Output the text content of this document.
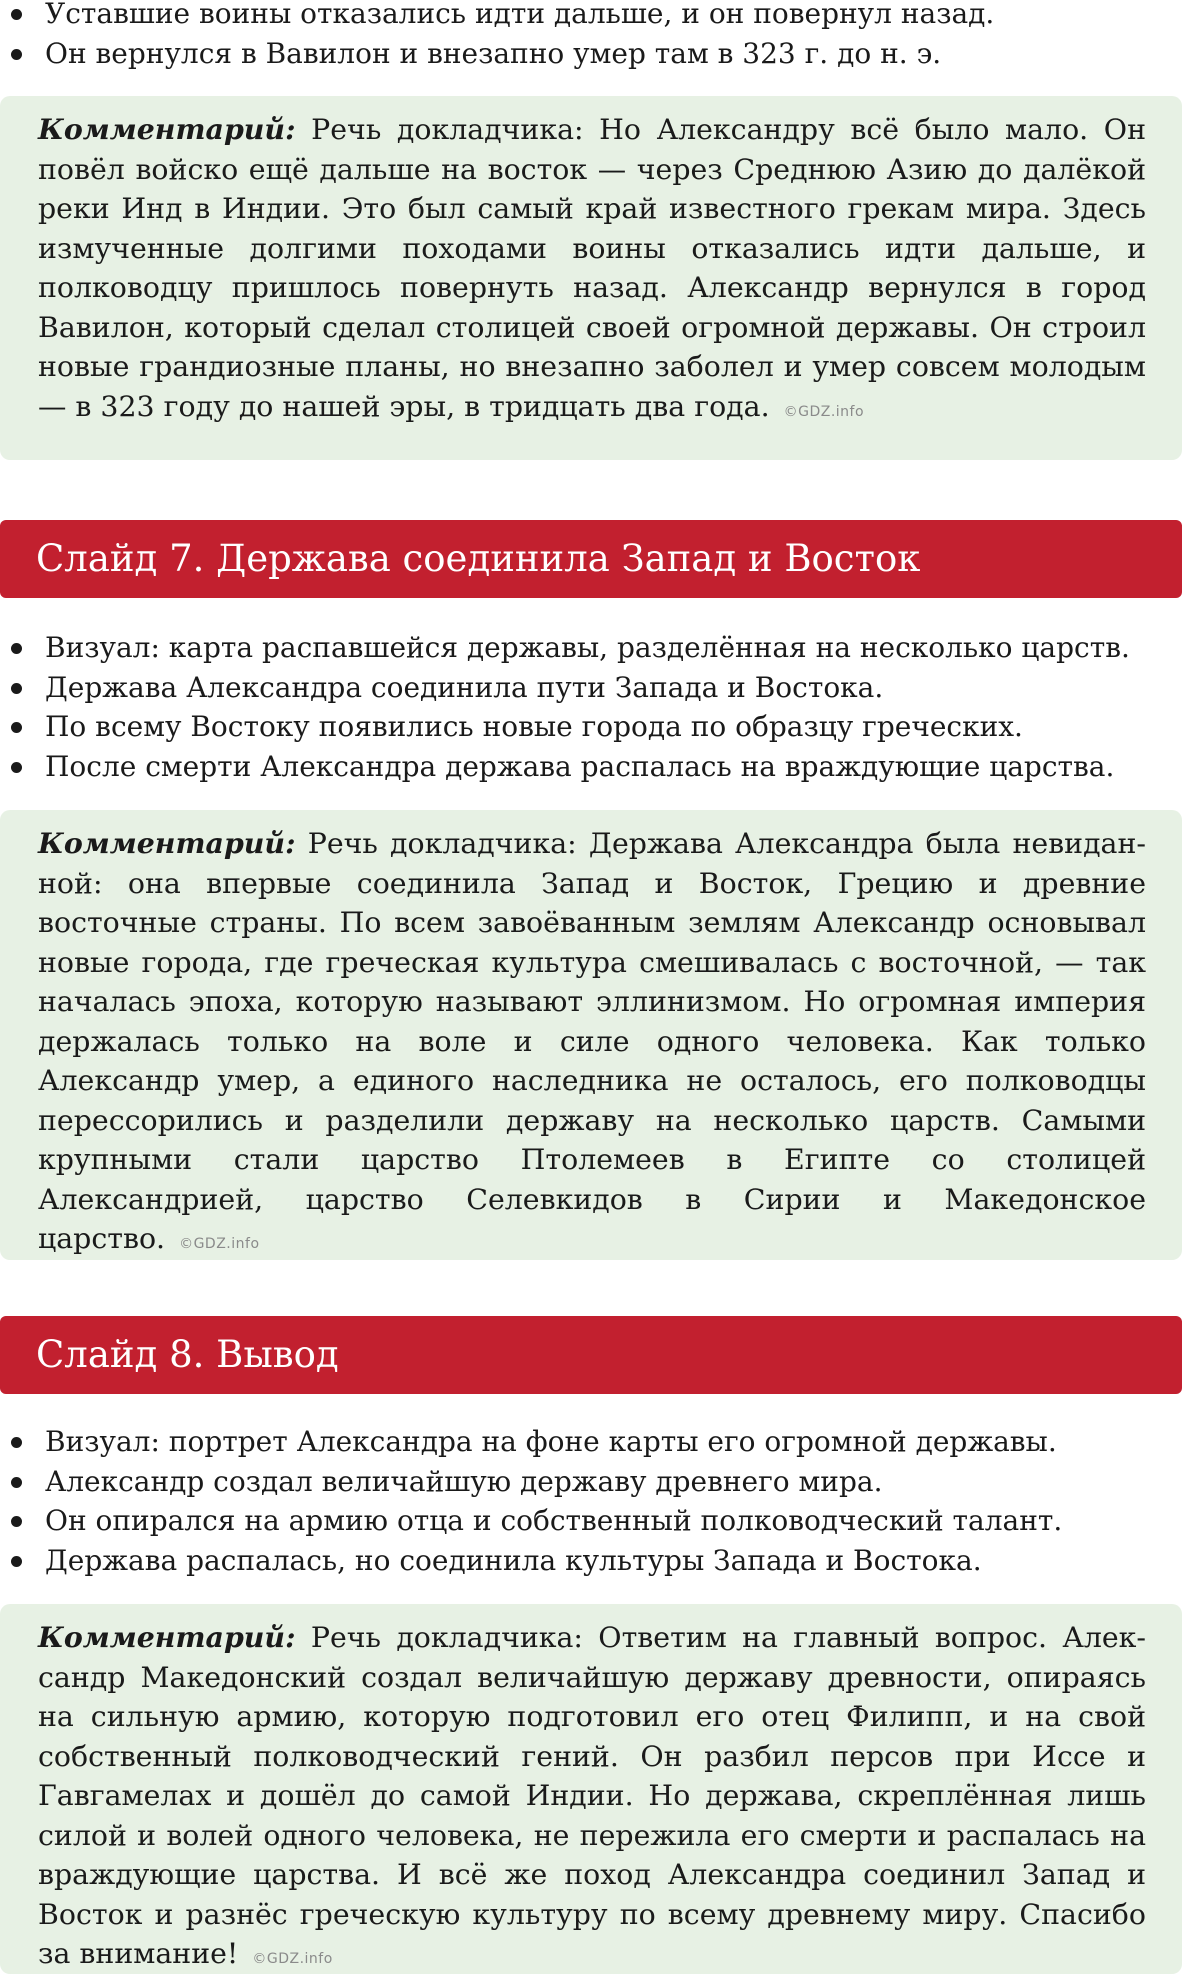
Уставшие воины отказались идти дальше, и он повернул назад.
Он вернулся в Вавилон и внезапно умер там в 323 г. до н. э.

Комментарий: Речь докладчика: Но Александру всё было мало. Он повёл войско ещё дальше на восток — через Среднюю Азию до далёкой реки Инд в Индии. Это был самый край известного грекам мира. Здесь измученные долгими походами воины отказались идти дальше, и полководцу пришлось повернуть назад. Александр вернулся в город Вавилон, который сделал столицей своей огромной державы. Он строил новые грандиозные планы, но внезапно заболел и умер совсем молодым — в 323 году до нашей эры, в тридцать два года. ©GDZ.info

Слайд 7. Держава соединила Запад и Восток
Визуал: карта распавшейся державы, разделённая на несколько царств.
Держава Александра соединила пути Запада и Востока.
По всему Востоку появились новые города по образцу греческих.
После смерти Александра держава распалась на враждующие царства.

Комментарий: Речь докладчика: Держава Александра была невиданной: она впервые соединила Запад и Восток, Грецию и древние восточные страны. По всем завоёванным землям Александр основывал новые города, где греческая культура смешивалась с восточной, — так началась эпоха, которую называют эллинизмом. Но огромная империя держалась только на воле и силе одного человека. Как только Александр умер, а единого наследника не осталось, его полководцы перессорились и разделили державу на несколько царств. Самыми крупными стали царство Птолемеев в Египте со столицей Александрией, царство Селевкидов в Сирии и Македонское царство. ©GDZ.info

Слайд 8. Вывод
Визуал: портрет Александра на фоне карты его огромной державы.
Александр создал величайшую державу древнего мира.
Он опирался на армию отца и собственный полководческий талант.
Держава распалась, но соединила культуры Запада и Востока.

Комментарий: Речь докладчика: Ответим на главный вопрос. Александр Македонский создал величайшую державу древности, опираясь на сильную армию, которую подготовил его отец Филипп, и на свой собственный полководческий гений. Он разбил персов при Иссе и Гавгамелах и дошёл до самой Индии. Но держава, скреплённая лишь силой и волей одного человека, не пережила его смерти и распалась на враждующие царства. И всё же поход Александра соединил Запад и Восток и разнёс греческую культуру по всему древнему миру. Спасибо за внимание! ©GDZ.info
